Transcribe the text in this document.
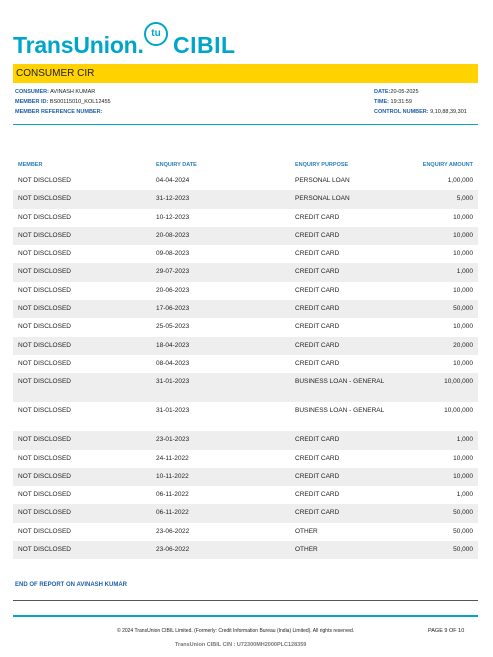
TransUnion. tu CIBIL
CONSUMER CIR
CONSUMER: AVINASH KUMAR
MEMBER ID: BS00115010_KOL12455
MEMBER REFERENCE NUMBER:
DATE:20-05-2025
TIME: 19:31:59
CONTROL NUMBER: 9,10,88,39,301
MEMBER	ENQUIRY DATE	ENQUIRY PURPOSE	ENQUIRY AMOUNT
NOT DISCLOSED	04-04-2024	PERSONAL LOAN	1,00,000
NOT DISCLOSED	31-12-2023	PERSONAL LOAN	5,000
NOT DISCLOSED	10-12-2023	CREDIT CARD	10,000
NOT DISCLOSED	20-08-2023	CREDIT CARD	10,000
NOT DISCLOSED	09-08-2023	CREDIT CARD	10,000
NOT DISCLOSED	29-07-2023	CREDIT CARD	1,000
NOT DISCLOSED	20-06-2023	CREDIT CARD	10,000
NOT DISCLOSED	17-06-2023	CREDIT CARD	50,000
NOT DISCLOSED	25-05-2023	CREDIT CARD	10,000
NOT DISCLOSED	18-04-2023	CREDIT CARD	20,000
NOT DISCLOSED	08-04-2023	CREDIT CARD	10,000
NOT DISCLOSED	31-01-2023	BUSINESS LOAN - GENERAL	10,00,000
NOT DISCLOSED	31-01-2023	BUSINESS LOAN - GENERAL	10,00,000
NOT DISCLOSED	23-01-2023	CREDIT CARD	1,000
NOT DISCLOSED	24-11-2022	CREDIT CARD	10,000
NOT DISCLOSED	10-11-2022	CREDIT CARD	10,000
NOT DISCLOSED	06-11-2022	CREDIT CARD	1,000
NOT DISCLOSED	06-11-2022	CREDIT CARD	50,000
NOT DISCLOSED	23-06-2022	OTHER	50,000
NOT DISCLOSED	23-06-2022	OTHER	50,000
END OF REPORT ON AVINASH KUMAR
© 2024 TransUnion CIBIL Limited. (Formerly: Credit Information Bureau (India) Limited). All rights reserved.	PAGE 9 OF 10
TransUnion CIBIL CIN : U72300MH2000PLC128359
